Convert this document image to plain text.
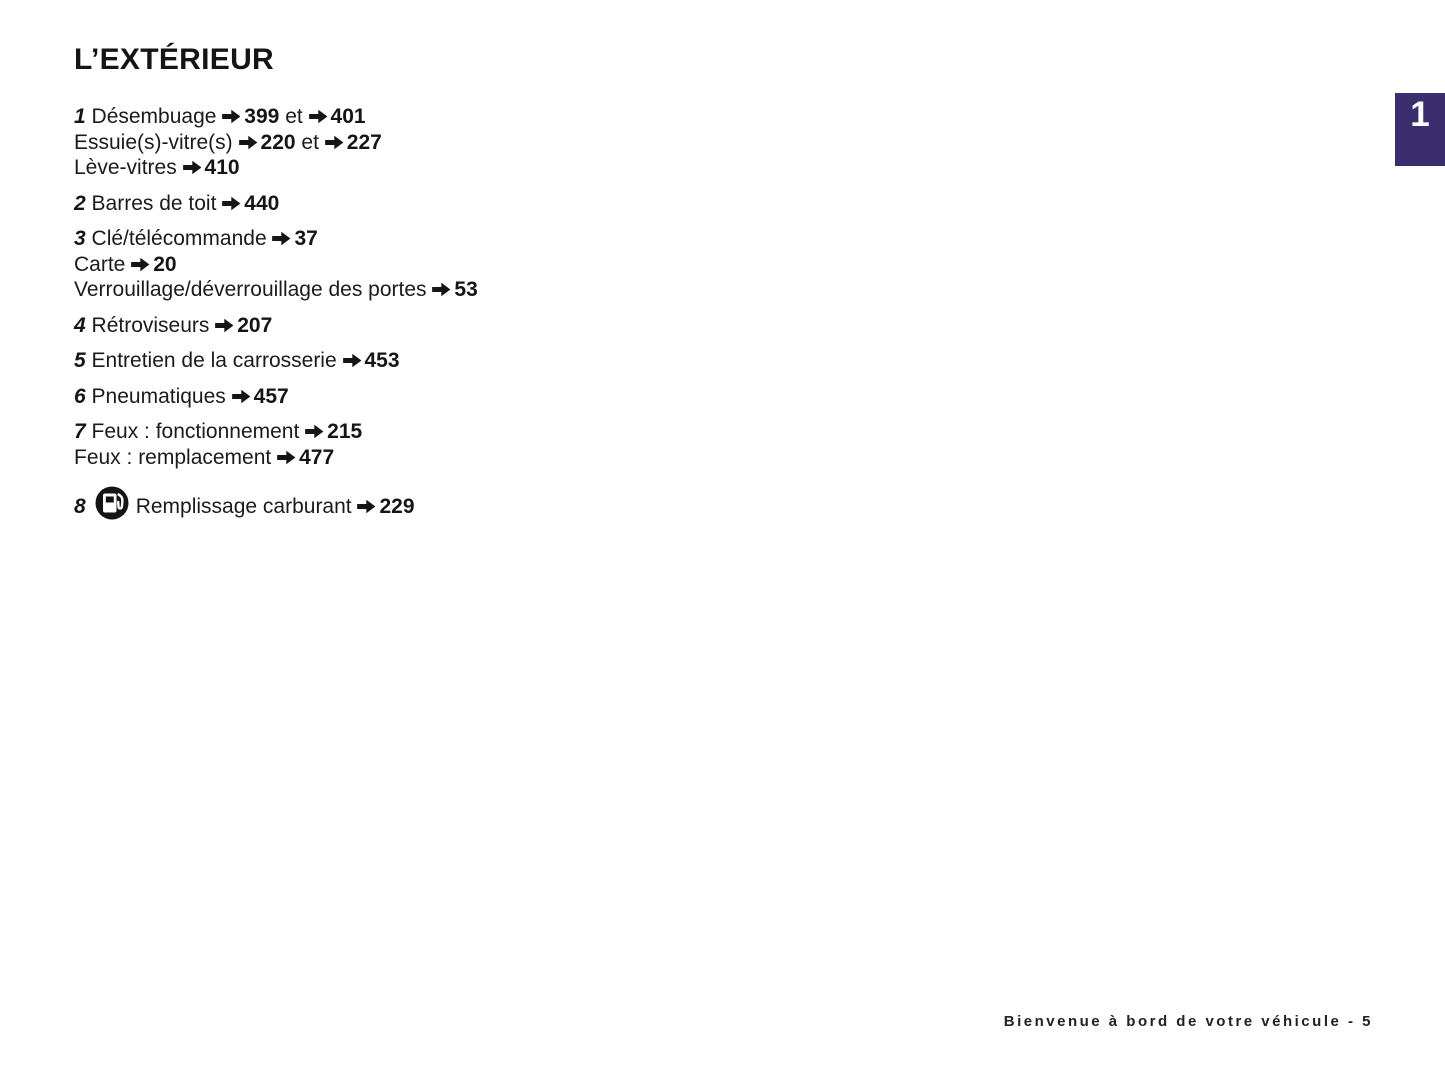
L’EXTÉRIEUR
1 Désembuage 399 et 401
Essuie(s)-vitre(s) 220 et 227
Lève-vitres 410
2 Barres de toit 440
3 Clé/télécommande 37
Carte 20
Verrouillage/déverrouillage des portes 53
4 Rétroviseurs 207
5 Entretien de la carrosserie 453
6 Pneumatiques 457
7 Feux : fonctionnement 215
Feux : remplacement 477
8 Remplissage carburant 229
1
Bienvenue à bord de votre véhicule - 5
